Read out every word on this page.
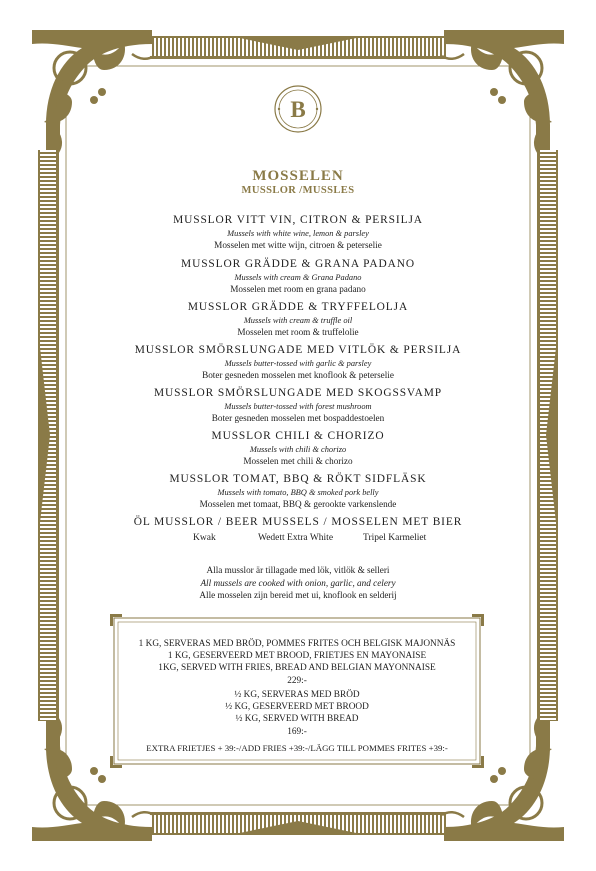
B
MOSSELEN
MUSSLOR /MUSSLES
MUSSLOR VITT VIN, CITRON & PERSILJA
Mussels with white wine, lemon & parsley
Mosselen met witte wijn, citroen & peterselie
MUSSLOR GRÄDDE & GRANA PADANO
Mussels with cream & Grana Padano
Mosselen met room en grana padano
MUSSLOR GRÄDDE & TRYFFELOLJA
Mussels with cream & truffle oil
Mosselen met room & truffelolie
MUSSLOR SMÖRSLUNGADE MED VITLÖK & PERSILJA
Mussels butter-tossed with garlic & parsley
Boter gesneden mosselen met knoflook & peterselie
MUSSLOR SMÖRSLUNGADE MED SKOGSSVAMP
Mussels butter-tossed with forest mushroom
Boter gesneden mosselen met bospaddestoelen
MUSSLOR CHILI & CHORIZO
Mussels with chili & chorizo
Mosselen met chili & chorizo
MUSSLOR TOMAT, BBQ & RÖKT SIDFLÄSK
Mussels with tomato, BBQ & smoked pork belly
Mosselen met tomaat, BBQ & gerookte varkenslende
ÖL MUSSLOR / BEER MUSSELS / MOSSELEN MET BIER
Kwak	Wedett Extra White	Tripel Karmeliet
Alla musslor är tillagade med lök, vitlök & selleri
All mussels are cooked with onion, garlic, and celery
Alle mosselen zijn bereid met ui, knoflook en selderij
1 KG, SERVERAS MED BRÖD, POMMES FRITES OCH BELGISK MAJONNÄS
1 KG, GESERVEERD MET BROOD, FRIETJES EN MAYONAISE
1KG, SERVED WITH FRIES, BREAD AND BELGIAN MAYONNAISE
229:-
½ KG, SERVERAS MED BRÖD
½ KG, GESERVEERD MET BROOD
½ KG, SERVED WITH BREAD
169:-
EXTRA FRIETJES + 39:-/ADD FRIES +39:-/LÄGG TILL POMMES FRITES +39:-
